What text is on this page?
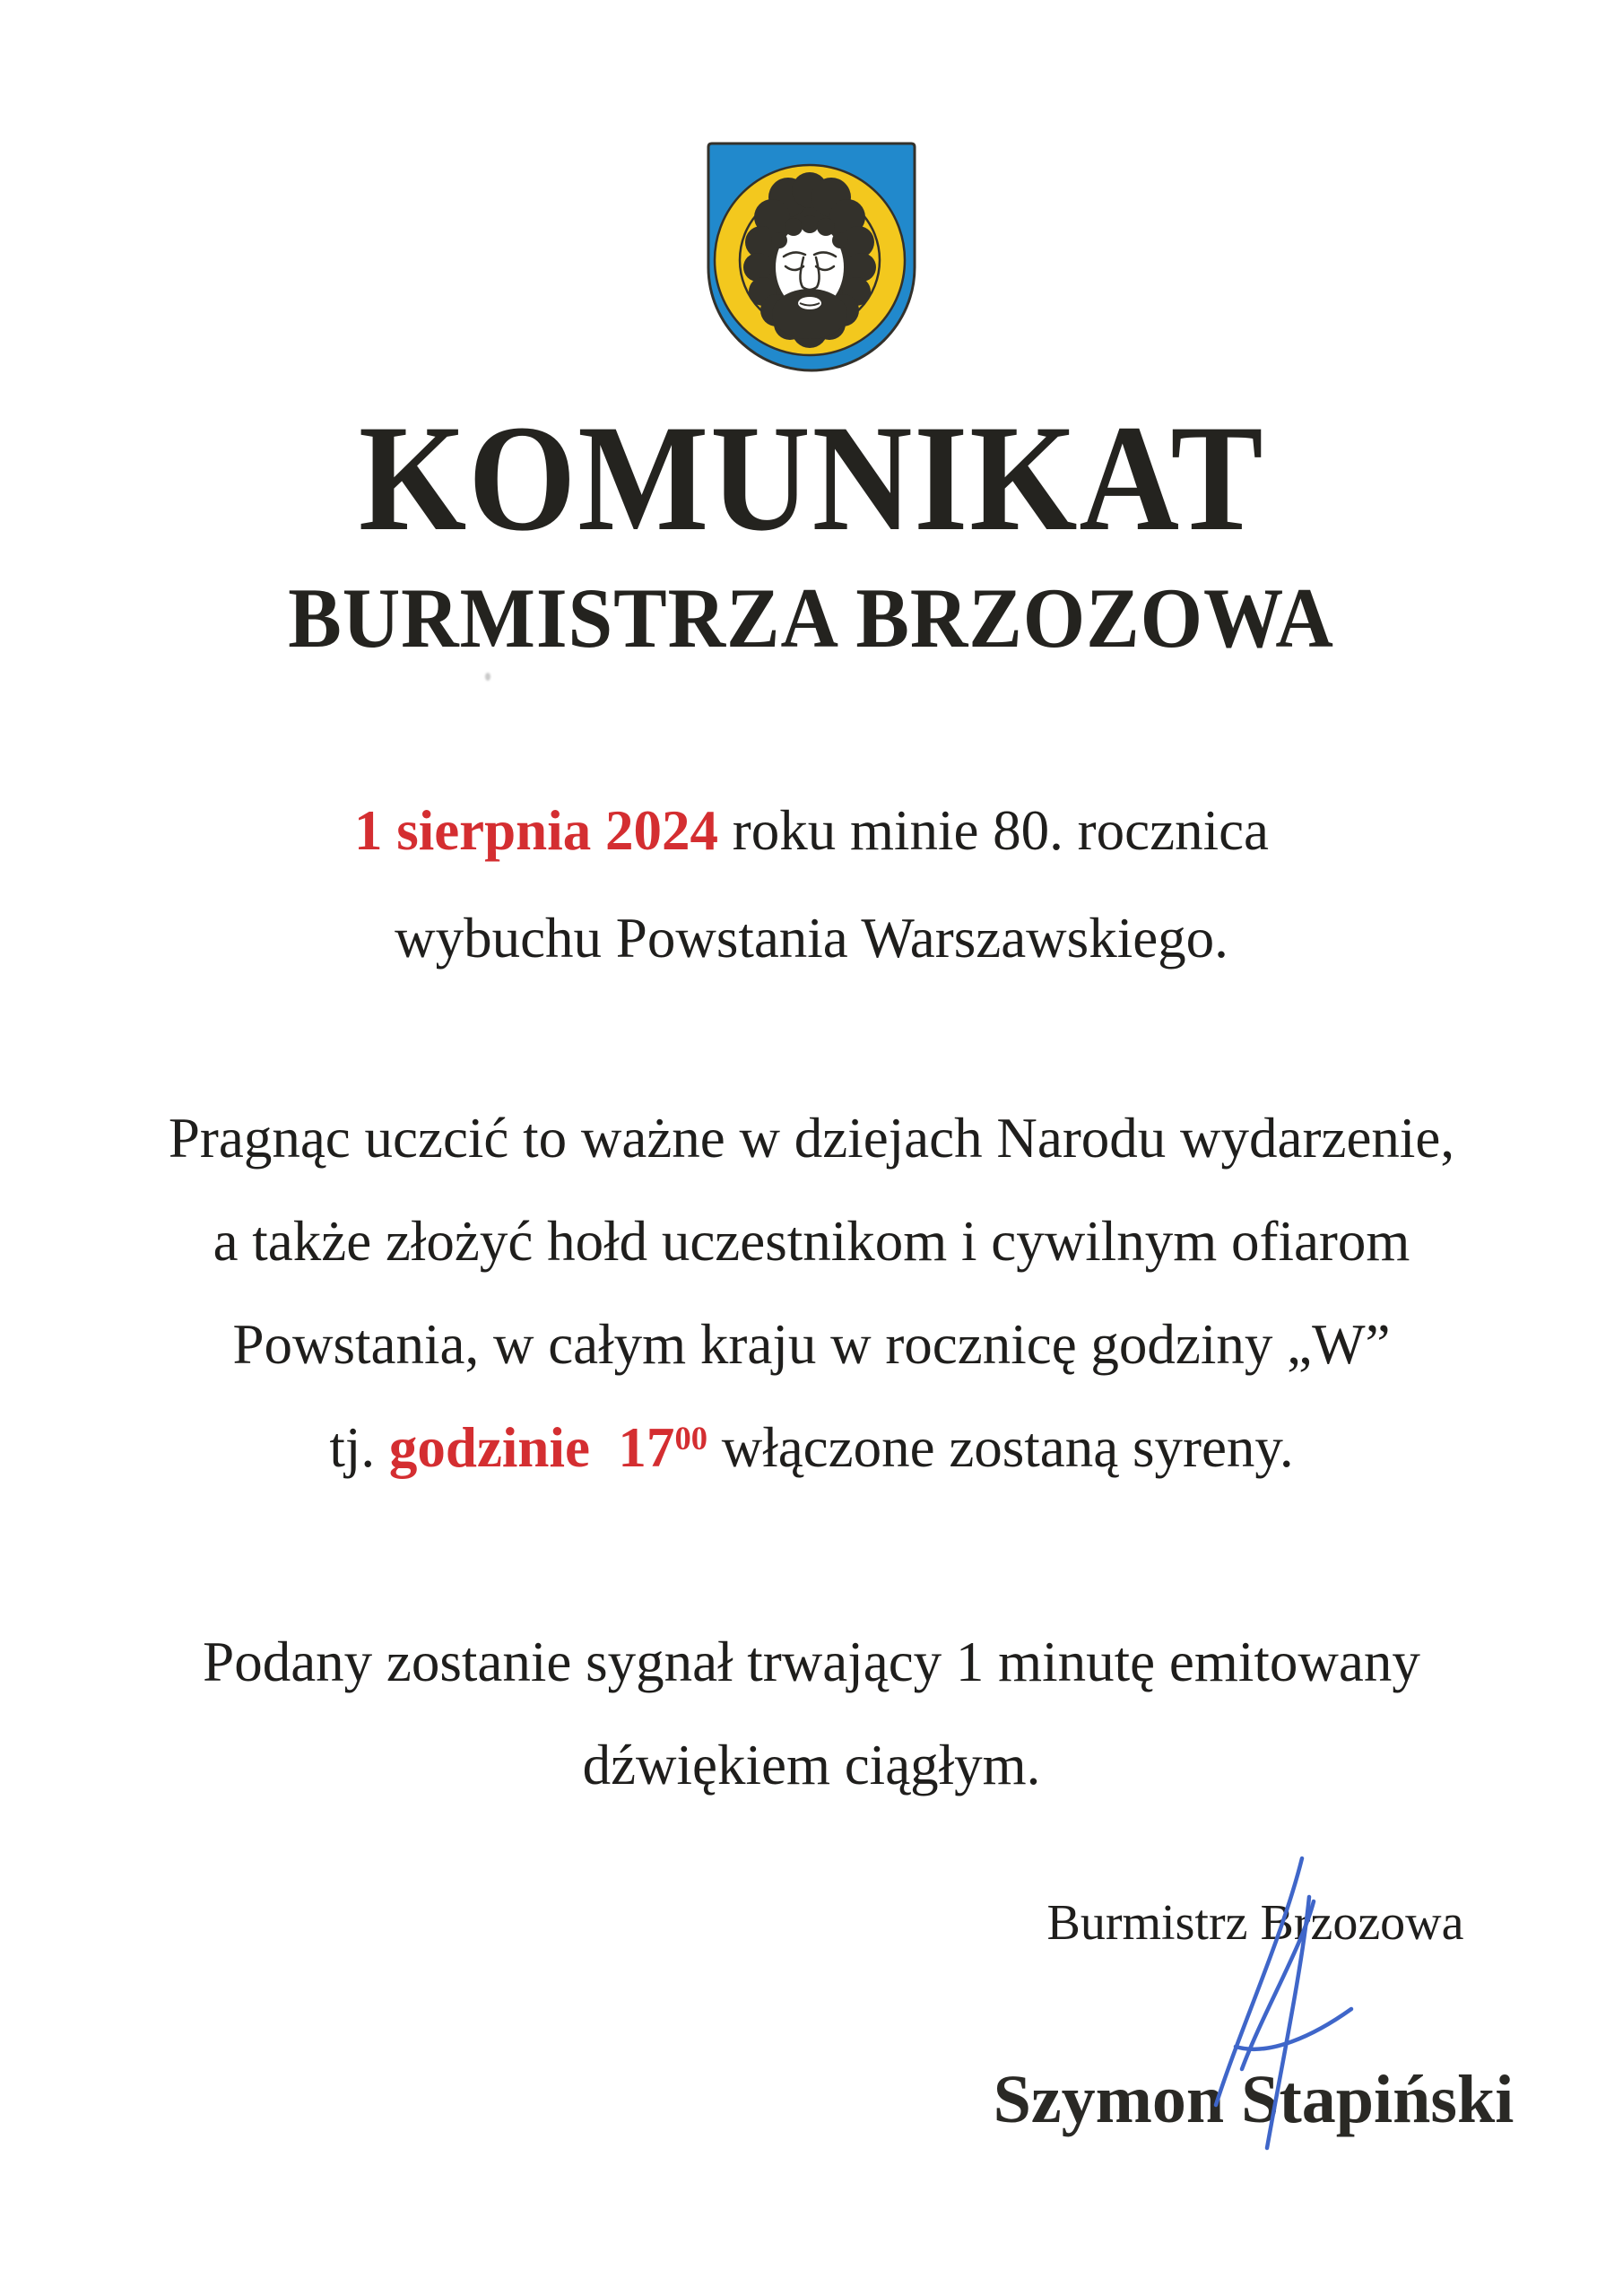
KOMUNIKAT
BURMISTRZA BRZOZOWA
1 sierpnia 2024 roku minie 80. rocznica
wybuchu Powstania Warszawskiego.
Pragnąc uczcić to ważne w dziejach Narodu wydarzenie,
a także złożyć hołd uczestnikom i cywilnym ofiarom
Powstania, w całym kraju w rocznicę godziny „W”
tj. godzinie  $17^{00}$ włączone zostaną syreny.
Podany zostanie sygnał trwający 1 minutę emitowany
dźwiękiem ciągłym.
Burmistrz Brzozowa
Szymon Stapiński
